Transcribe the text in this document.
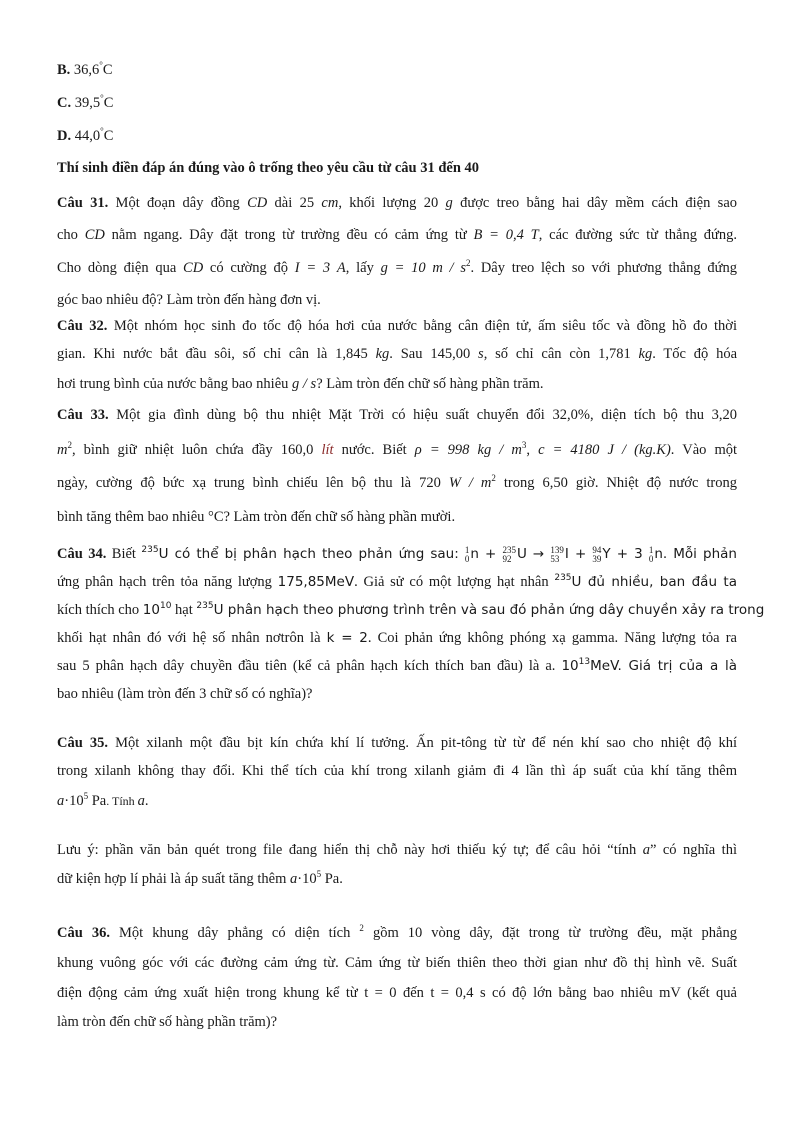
B. 36,6°C
C. 39,5°C
D. 44,0°C
Thí sinh điền đáp án đúng vào ô trống theo yêu cầu từ câu 31 đến 40
Câu 31. Một đoạn dây đồng CD dài 25 cm, khối lượng 20 g được treo bằng hai dây mềm cách điện sao
cho CD nằm ngang. Dây đặt trong từ trường đều có cảm ứng từ B = 0,4 T, các đường sức từ thẳng đứng.
Cho dòng điện qua CD có cường độ I = 3 A, lấy g = 10 m / $s^2$. Dây treo lệch so với phương thẳng đứng
góc bao nhiêu độ? Làm tròn đến hàng đơn vị.
Câu 32. Một nhóm học sinh đo tốc độ hóa hơi của nước bằng cân điện tử, ấm siêu tốc và đồng hồ đo thời
gian. Khi nước bắt đầu sôi, số chỉ cân là 1,845 kg. Sau 145,00 s, số chỉ cân còn 1,781 kg. Tốc độ hóa
hơi trung bình của nước bằng bao nhiêu g / s? Làm tròn đến chữ số hàng phần trăm.
Câu 33. Một gia đình dùng bộ thu nhiệt Mặt Trời có hiệu suất chuyển đổi 32,0%, diện tích bộ thu 3,20
$m^2$, bình giữ nhiệt luôn chứa đầy 160,0 lít nước. Biết ρ = 998 kg / $m^3$, c = 4180 J / (kg.K). Vào một
ngày, cường độ bức xạ trung bình chiếu lên bộ thu là 720 W / $m^2$ trong 6,50 giờ. Nhiệt độ nước trong
bình tăng thêm bao nhiêu °C? Làm tròn đến chữ số hàng phần mười.
Câu 34. Biết $^{235}$U có thể bị phân hạch theo phản ứng sau: 1
0 n + 235
92 U → 139
53 I + 94
39 Y + 3 1
0 n. Mỗi phản
ứng phân hạch trên tỏa năng lượng 175,85MeV. Giả sử có một lượng hạt nhân $^{235}$U đủ nhiều, ban đầu ta
kích thích cho $10^{10}$ hạt $^{235}$U phân hạch theo phương trình trên và sau đó phản ứng dây chuyền xảy ra trong
khối hạt nhân đó với hệ số nhân nơtrôn là k = 2. Coi phản ứng không phóng xạ gamma. Năng lượng tỏa ra
sau 5 phân hạch dây chuyền đầu tiên (kể cả phân hạch kích thích ban đầu) là a. $10^{13}MeV$. Giá trị của a là
bao nhiêu (làm tròn đến 3 chữ số có nghĩa)?
Câu 35. Một xilanh một đầu bịt kín chứa khí lí tưởng. Ấn pit-tông từ từ để nén khí sao cho nhiệt độ khí
trong xilanh không thay đổi. Khi thể tích của khí trong xilanh giảm đi 4 lần thì áp suất của khí tăng thêm
$a\cdot 10^5$ Pa. Tính a.
Lưu ý: phần văn bản quét trong file đang hiển thị chỗ này hơi thiếu ký tự; để câu hỏi “tính a” có nghĩa thì
dữ kiện hợp lí phải là áp suất tăng thêm $a\cdot 10^5$ Pa.
Câu 36. Một khung dây phẳng có diện tích $^2$ gồm 10 vòng dây, đặt trong từ trường đều, mặt phẳng
khung vuông góc với các đường cảm ứng từ. Cảm ứng từ biến thiên theo thời gian như đồ thị hình vẽ. Suất
điện động cảm ứng xuất hiện trong khung kể từ t = 0 đến t = 0,4 s có độ lớn bằng bao nhiêu mV (kết quả
làm tròn đến chữ số hàng phần trăm)?
